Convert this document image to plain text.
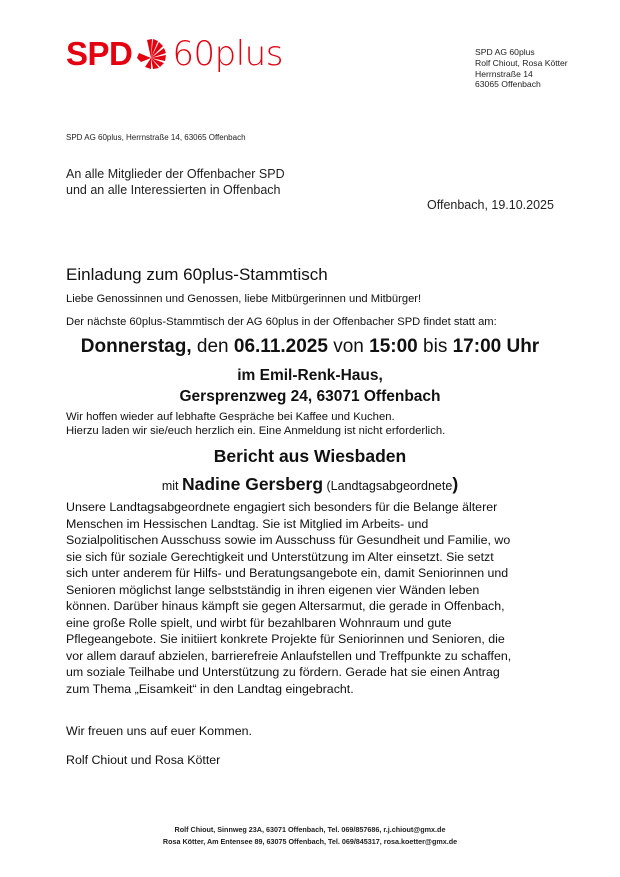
SPD 60plus	SPD AG 60plus
Rolf Chiout, Rosa Kötter
Herrnstraße 14
63065 Offenbach
SPD AG 60plus, Herrnstraße 14, 63065 Offenbach
An alle Mitglieder der Offenbacher SPD
und an alle Interessierten in Offenbach
Offenbach, 19.10.2025
Einladung zum 60plus-Stammtisch
Liebe Genossinnen und Genossen, liebe Mitbürgerinnen und Mitbürger!
Der nächste 60plus-Stammtisch der AG 60plus in der Offenbacher SPD findet statt am:
Donnerstag, den 06.11.2025 von 15:00 bis 17:00 Uhr
im Emil-Renk-Haus,
Gersprenzweg 24, 63071 Offenbach
Wir hoffen wieder auf lebhafte Gespräche bei Kaffee und Kuchen.
Hierzu laden wir sie/euch herzlich ein. Eine Anmeldung ist nicht erforderlich.
Bericht aus Wiesbaden
mit Nadine Gersberg (Landtagsabgeordnete)

Unsere Landtagsabgeordnete engagiert sich besonders für die Belange älterer

Menschen im Hessischen Landtag. Sie ist Mitglied im Arbeits- und

Sozialpolitischen Ausschuss sowie im Ausschuss für Gesundheit und Familie, wo

sie sich für soziale Gerechtigkeit und Unterstützung im Alter einsetzt. Sie setzt

sich unter anderem für Hilfs- und Beratungsangebote ein, damit Seniorinnen und

Senioren möglichst lange selbstständig in ihren eigenen vier Wänden leben

können. Darüber hinaus kämpft sie gegen Altersarmut, die gerade in Offenbach,

eine große Rolle spielt, und wirbt für bezahlbaren Wohnraum und gute

Pflegeangebote. Sie initiiert konkrete Projekte für Seniorinnen und Senioren, die

vor allem darauf abzielen, barrierefreie Anlaufstellen und Treffpunkte zu schaffen,

um soziale Teilhabe und Unterstützung zu fördern. Gerade hat sie einen Antrag

zum Thema „Eisamkeit“ in den Landtag eingebracht.

Wir freuen uns auf euer Kommen.
Rolf Chiout und Rosa Kötter
Rolf Chiout, Sinnweg 23A, 63071 Offenbach, Tel. 069/857686, r.j.chiout@gmx.de
Rosa Kötter, Am Entensee 89, 63075 Offenbach, Tel. 069/845317, rosa.koetter@gmx.de
